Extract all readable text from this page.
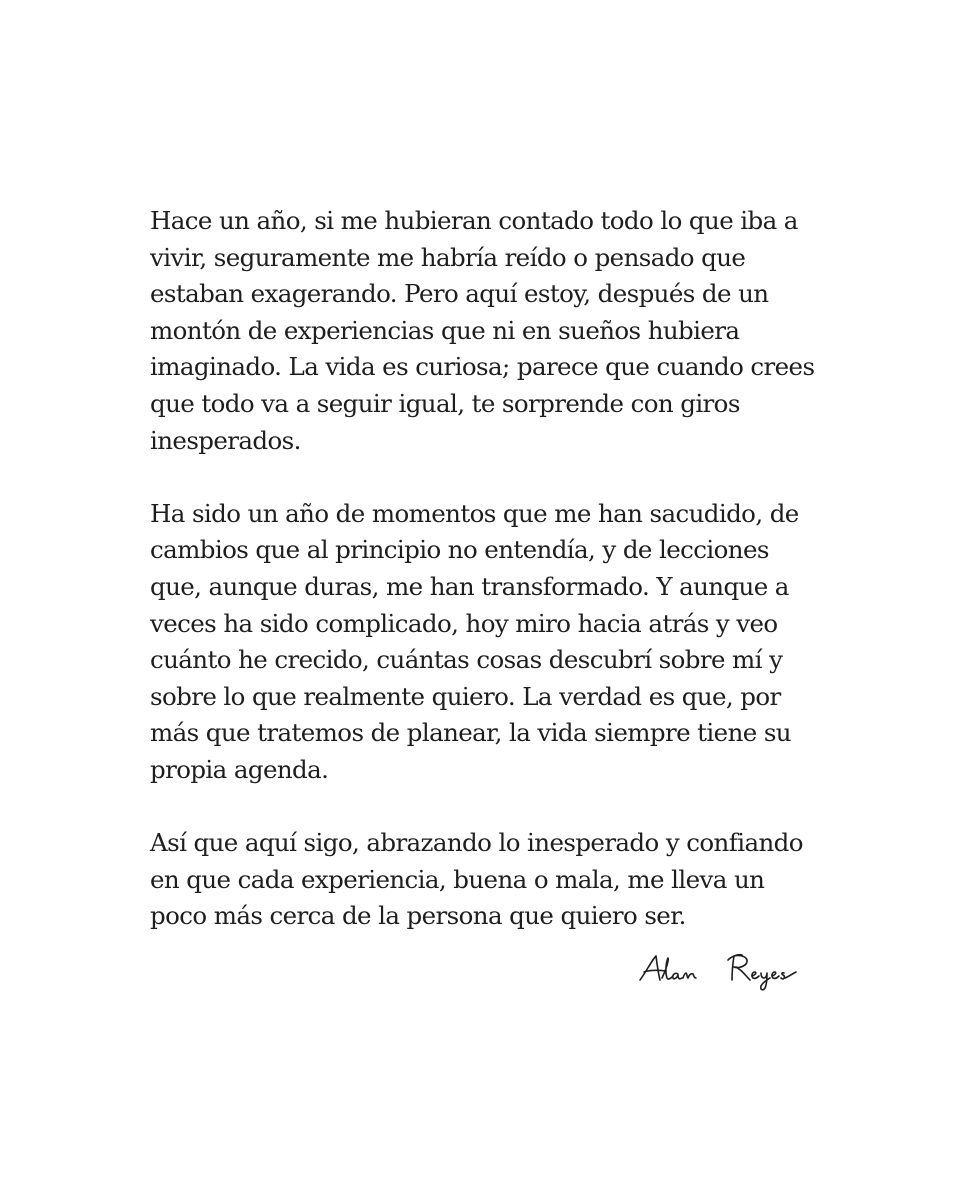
Hace un año, si me hubieran contado todo lo que iba a
vivir, seguramente me habría reído o pensado que
estaban exagerando. Pero aquí estoy, después de un
montón de experiencias que ni en sueños hubiera
imaginado. La vida es curiosa; parece que cuando crees
que todo va a seguir igual, te sorprende con giros
inesperados.

Ha sido un año de momentos que me han sacudido, de
cambios que al principio no entendía, y de lecciones
que, aunque duras, me han transformado. Y aunque a
veces ha sido complicado, hoy miro hacia atrás y veo
cuánto he crecido, cuántas cosas descubrí sobre mí y
sobre lo que realmente quiero. La verdad es que, por
más que tratemos de planear, la vida siempre tiene su
propia agenda.

Así que aquí sigo, abrazando lo inesperado y confiando
en que cada experiencia, buena o mala, me lleva un
poco más cerca de la persona que quiero ser.
